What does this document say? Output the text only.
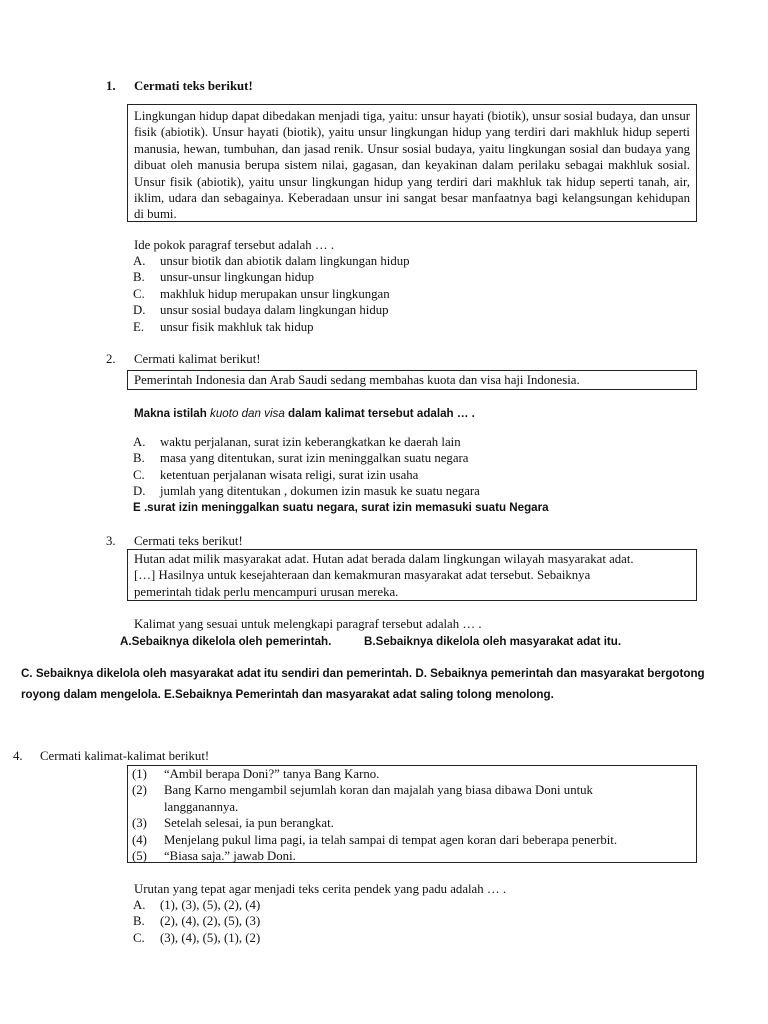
1. Cermati teks berikut!
Lingkungan hidup dapat dibedakan menjadi tiga, yaitu: unsur hayati (biotik), unsur sosial budaya, dan unsur fisik (abiotik). Unsur hayati (biotik), yaitu unsur lingkungan hidup yang terdiri dari makhluk hidup seperti manusia, hewan, tumbuhan, dan jasad renik. Unsur sosial budaya, yaitu lingkungan sosial dan budaya yang dibuat oleh manusia berupa sistem nilai, gagasan, dan keyakinan dalam perilaku sebagai makhluk sosial. Unsur fisik (abiotik), yaitu unsur lingkungan hidup yang terdiri dari makhluk tak hidup seperti tanah, air, iklim, udara dan sebagainya. Keberadaan unsur ini sangat besar manfaatnya bagi kelangsungan kehidupan di bumi.
Ide pokok paragraf tersebut adalah … .
A. unsur biotik dan abiotik dalam lingkungan hidup
B. unsur-unsur lingkungan hidup
C. makhluk hidup merupakan unsur lingkungan
D. unsur sosial budaya dalam lingkungan hidup
E. unsur fisik makhluk tak hidup
2. Cermati kalimat berikut!
Pemerintah Indonesia dan Arab Saudi sedang membahas kuota dan visa haji Indonesia.
Makna istilah kuoto dan visa dalam kalimat tersebut adalah … .
A. waktu perjalanan, surat izin keberangkatkan ke daerah lain
B. masa yang ditentukan, surat izin meninggalkan suatu negara
C. ketentuan perjalanan wisata religi, surat izin usaha
D. jumlah yang ditentukan , dokumen izin masuk ke suatu negara
E .surat izin meninggalkan suatu negara, surat izin memasuki suatu Negara
3. Cermati teks berikut!
Hutan adat milik masyarakat adat. Hutan adat berada dalam lingkungan wilayah masyarakat adat.
[…] Hasilnya untuk kesejahteraan dan kemakmuran masyarakat adat tersebut. Sebaiknya
pemerintah tidak perlu mencampuri urusan mereka.
Kalimat yang sesuai untuk melengkapi paragraf tersebut adalah … .
A.Sebaiknya dikelola oleh pemerintah.	B.Sebaiknya dikelola oleh masyarakat adat itu.
C. Sebaiknya dikelola oleh masyarakat adat itu sendiri dan pemerintah. D. Sebaiknya pemerintah dan masyarakat bergotong
royong dalam mengelola. E.Sebaiknya Pemerintah dan masyarakat adat saling tolong menolong.
4. Cermati kalimat-kalimat berikut!
(1) “Ambil berapa Doni?” tanya Bang Karno.
(2) Bang Karno mengambil sejumlah koran dan majalah yang biasa dibawa Doni untuk
langganannya.
(3) Setelah selesai, ia pun berangkat.
(4) Menjelang pukul lima pagi, ia telah sampai di tempat agen koran dari beberapa penerbit.
(5) “Biasa saja.” jawab Doni.
Urutan yang tepat agar menjadi teks cerita pendek yang padu adalah … .
A. (1), (3), (5), (2), (4)
B. (2), (4), (2), (5), (3)
C. (3), (4), (5), (1), (2)
